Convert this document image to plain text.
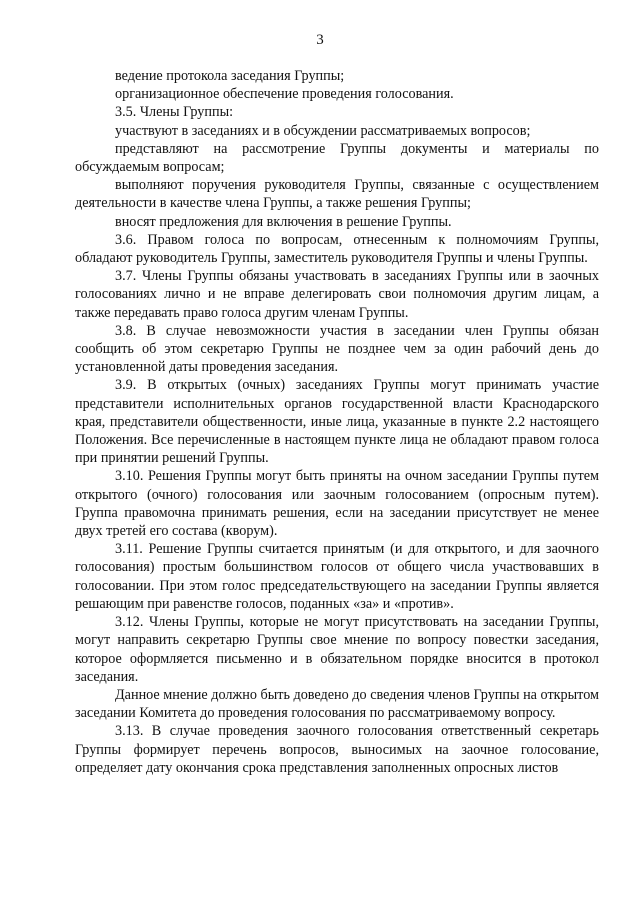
3

ведение протокола заседания Группы;

организационное обеспечение проведения голосования.

3.5. Члены Группы:

участвуют в заседаниях и в обсуждении рассматриваемых вопросов;

представляют на рассмотрение Группы документы и материалы по обсуждаемым вопросам;

выполняют поручения руководителя Группы, связанные с осуществлением деятельности в качестве члена Группы, а также решения Группы;

вносят предложения для включения в решение Группы.

3.6. Правом голоса по вопросам, отнесенным к полномочиям Группы, обладают руководитель Группы, заместитель руководителя Группы и члены Группы.

3.7. Члены Группы обязаны участвовать в заседаниях Группы или в заочных голосованиях лично и не вправе делегировать свои полномочия другим лицам, а также передавать право голоса другим членам Группы.

3.8. В случае невозможности участия в заседании член Группы обязан сообщить об этом секретарю Группы не позднее чем за один рабочий день до установленной даты проведения заседания.

3.9. В открытых (очных) заседаниях Группы могут принимать участие представители исполнительных органов государственной власти Краснодарского края, представители общественности, иные лица, указанные в пункте 2.2 настоящего Положения. Все перечисленные в настоящем пункте лица не обладают правом голоса при принятии решений Группы.

3.10. Решения Группы могут быть приняты на очном заседании Группы путем открытого (очного) голосования или заочным голосованием (опросным путем). Группа правомочна принимать решения, если на заседании присутствует не менее двух третей его состава (кворум).

3.11. Решение Группы считается принятым (и для открытого, и для заочного голосования) простым большинством голосов от общего числа участвовавших в голосовании. При этом голос председательствующего на заседании Группы является решающим при равенстве голосов, поданных «за» и «против».

3.12. Члены Группы, которые не могут присутствовать на заседании Группы, могут направить секретарю Группы свое мнение по вопросу повестки заседания, которое оформляется письменно и в обязательном порядке вносится в протокол заседания.

Данное мнение должно быть доведено до сведения членов Группы на открытом заседании Комитета до проведения голосования по рассматриваемому вопросу.

3.13. В случае проведения заочного голосования ответственный секретарь Группы формирует перечень вопросов, выносимых на заочное голосование, определяет дату окончания срока представления заполненных опросных листов
